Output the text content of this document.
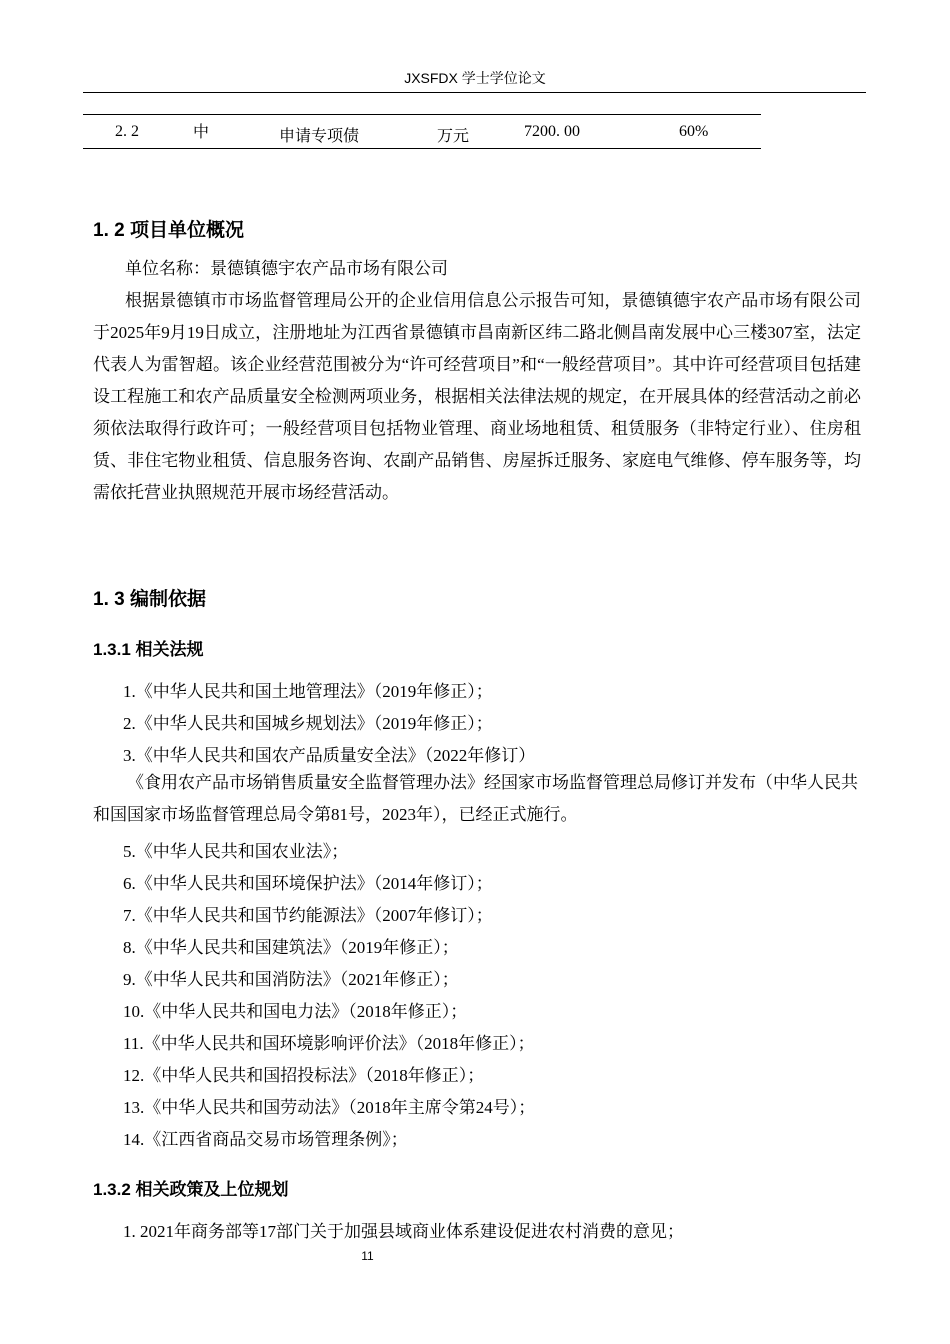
JXSFDX 学士学位论文
2. 2	中	申请专项债	万元	7200. 00	60%
1. 2 项目单位概况

单位名称：景德镇德宇农产品市场有限公司

根据景德镇市市场监督管理局公开的企业信用信息公示报告可知，景德镇德宇农产品市场有限公司于2025年9月19日成立，注册地址为江西省景德镇市昌南新区纬二路北侧昌南发展中心三楼307室，法定代表人为雷智超。该企业经营范围被分为“许可经营项目”和“一般经营项目”。其中许可经营项目包括建设工程施工和农产品质量安全检测两项业务，根据相关法律法规的规定，在开展具体的经营活动之前必须依法取得行政许可；一般经营项目包括物业管理、商业场地租赁、租赁服务（非特定行业）、住房租赁、非住宅物业租赁、信息服务咨询、农副产品销售、房屋拆迁服务、家庭电气维修、停车服务等，均需依托营业执照规范开展市场经营活动。

1. 3 编制依据
1.3.1 相关法规
1.《中华人民共和国土地管理法》（2019年修正）；
2.《中华人民共和国城乡规划法》（2019年修正）；
3.《中华人民共和国农产品质量安全法》（2022年修订）

《食用农产品市场销售质量安全监督管理办法》经国家市场监督管理总局修订并发布（中华人民共和国国家市场监督管理总局令第81号，2023年），已经正式施行。

5.《中华人民共和国农业法》；
6.《中华人民共和国环境保护法》（2014年修订）；
7.《中华人民共和国节约能源法》（2007年修订）；
8.《中华人民共和国建筑法》（2019年修正）；
9.《中华人民共和国消防法》（2021年修正）；
10.《中华人民共和国电力法》（2018年修正）；
11.《中华人民共和国环境影响评价法》（2018年修正）；
12.《中华人民共和国招投标法》（2018年修正）；
13.《中华人民共和国劳动法》（2018年主席令第24号）；
14.《江西省商品交易市场管理条例》；
1.3.2 相关政策及上位规划
1. 2021年商务部等17部门关于加强县域商业体系建设促进农村消费的意见；
11
